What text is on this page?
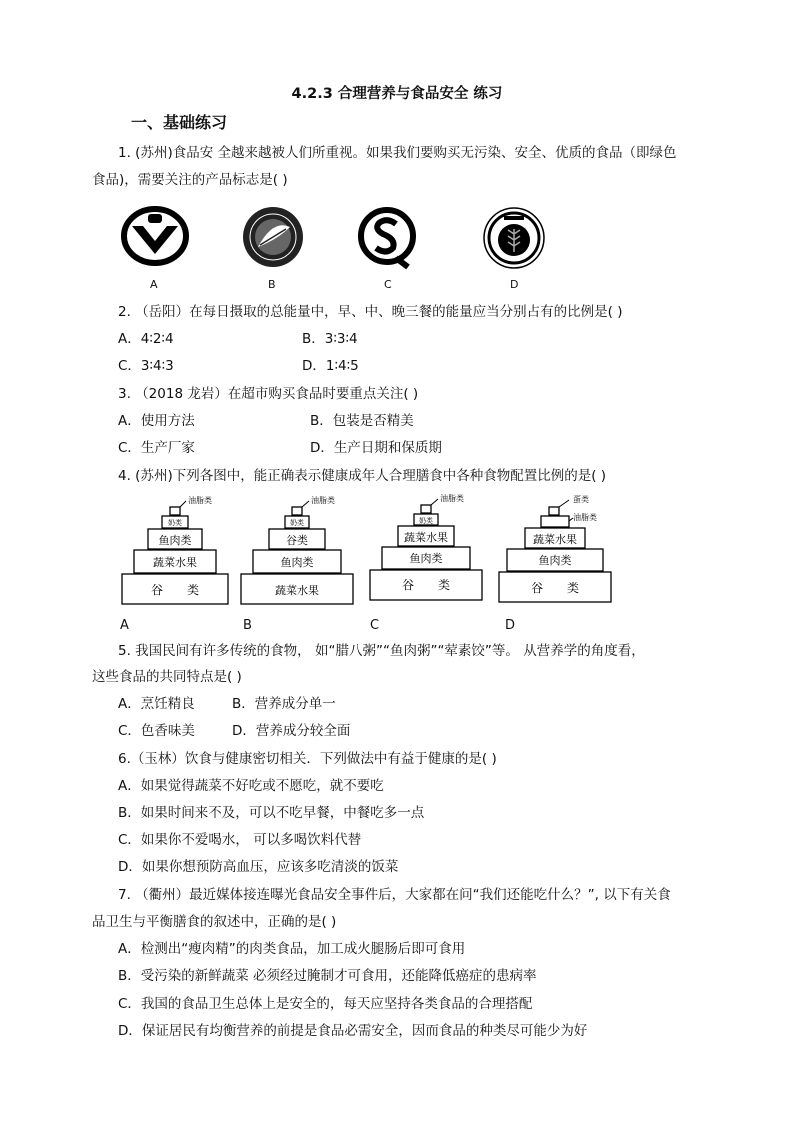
4.2.3 合理营养与食品安全 练习
一、基础练习
1. (苏州)食品安 全越来越被人们所重视。如果我们要购买无污染、安全、优质的食品（即绿色
食品)，需要关注的产品标志是( )
A	B	C	D
2. （岳阳）在每日摄取的总能量中，早、中、晚三餐的能量应当分别占有的比例是( )
A．4∶2∶4	B．3∶3∶4
C．3∶4∶3	D．1∶4∶5
3. （2018 龙岩）在超市购买食品时要重点关注( )
A．使用方法	B．包装是否精美
C．生产厂家	D．生产日期和保质期
4. (苏州)下列各图中，能正确表示健康成年人合理膳食中各种食物配置比例的是( )
谷　　类
蔬菜水果
鱼肉类
奶类
油脂类
蔬菜水果
鱼肉类
谷类
奶类
油脂类
谷　　类
鱼肉类
蔬菜水果
奶类
油脂类
谷　　类
鱼肉类
蔬菜水果
蛋类
油脂类
A	B	C	D
5. 我国民间有许多传统的食物， 如“腊八粥”“鱼肉粥”“荤素饺”等。 从营养学的角度看，
这些食品的共同特点是( )
A．烹饪精良	B．营养成分单一
C．色香味美	D．营养成分较全面
6.（玉林）饮食与健康密切相关．下列做法中有益于健康的是( )
A．如果觉得蔬菜不好吃或不愿吃，就不要吃
B．如果时间来不及，可以不吃早餐，中餐吃多一点
C．如果你不爱喝水， 可以多喝饮料代替
D．如果你想预防高血压，应该多吃清淡的饭菜
7. （衢州）最近媒体接连曝光食品安全事件后，大家都在问“我们还能吃什么？”, 以下有关食
品卫生与平衡膳食的叙述中，正确的是( )
A．检测出“瘦肉精”的肉类食品，加工成火腿肠后即可食用
B．受污染的新鲜蔬菜 必须经过腌制才可食用，还能降低癌症的患病率
C．我国的食品卫生总体上是安全的，每天应坚持各类食品的合理搭配
D．保证居民有均衡营养的前提是食品必需安全，因而食品的种类尽可能少为好
